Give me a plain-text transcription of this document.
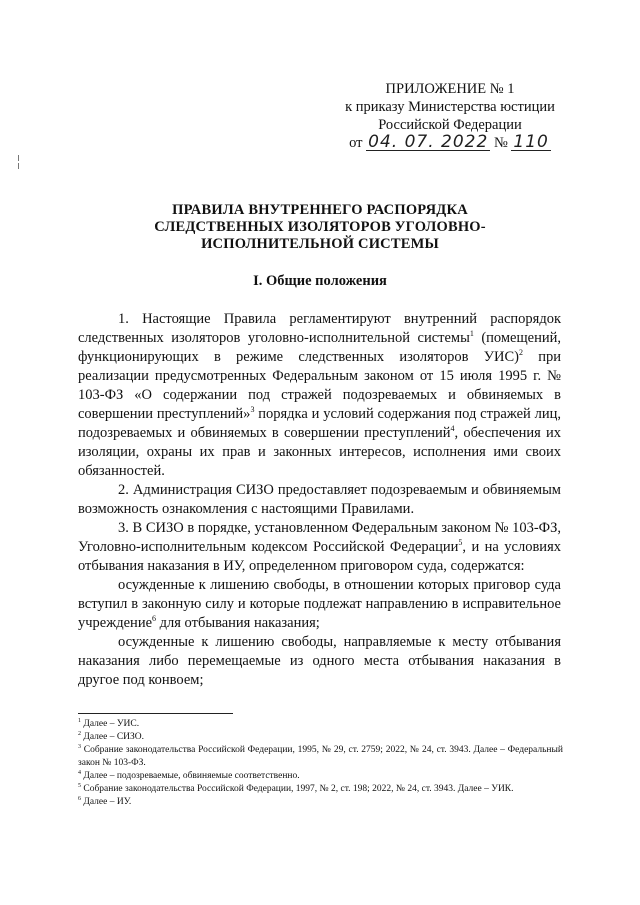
ПРИЛОЖЕНИЕ № 1
к приказу Министерства юстиции
Российской Федерации
от 04. 07. 2022 № 110
ПРАВИЛА ВНУТРЕННЕГО РАСПОРЯДКА
СЛЕДСТВЕННЫХ ИЗОЛЯТОРОВ УГОЛОВНО-
ИСПОЛНИТЕЛЬНОЙ СИСТЕМЫ
I. Общие положения

1. Настоящие Правила регламентируют внутренний распорядок следственных изоляторов уголовно-исполнительной системы$^1$ (помещений, функционирующих в режиме следственных изоляторов УИС)$^2$ при реализации предусмотренных Федеральным законом от 15 июля 1995 г. № 103-ФЗ «О содержании под стражей подозреваемых и обвиняемых в совершении преступлений»$^3$ порядка и условий содержания под стражей лиц, подозреваемых и обвиняемых в совершении преступлений$^4$, обеспечения их изоляции, охраны их прав и законных интересов, исполнения ими своих обязанностей.

2. Администрация СИЗО предоставляет подозреваемым и обвиняемым возможность ознакомления с настоящими Правилами.

3. В СИЗО в порядке, установленном Федеральным законом № 103-ФЗ, Уголовно-исполнительным кодексом Российской Федерации$^5$, и на условиях отбывания наказания в ИУ, определенном приговором суда, содержатся:

осужденные к лишению свободы, в отношении которых приговор суда вступил в законную силу и которые подлежат направлению в исправительное учреждение$^6$ для отбывания наказания;

осужденные к лишению свободы, направляемые к месту отбывания наказания либо перемещаемые из одного места отбывания наказания в другое под конвоем;

$^1$ Далее – УИС.
$^2$ Далее – СИЗО.
$^3$ Собрание законодательства Российской Федерации, 1995, № 29, ст. 2759; 2022, № 24, ст. 3943. Далее – Федеральный закон № 103-ФЗ.
$^4$ Далее – подозреваемые, обвиняемые соответственно.
$^5$ Собрание законодательства Российской Федерации, 1997, № 2, ст. 198; 2022, № 24, ст. 3943. Далее – УИК.
$^6$ Далее – ИУ.
